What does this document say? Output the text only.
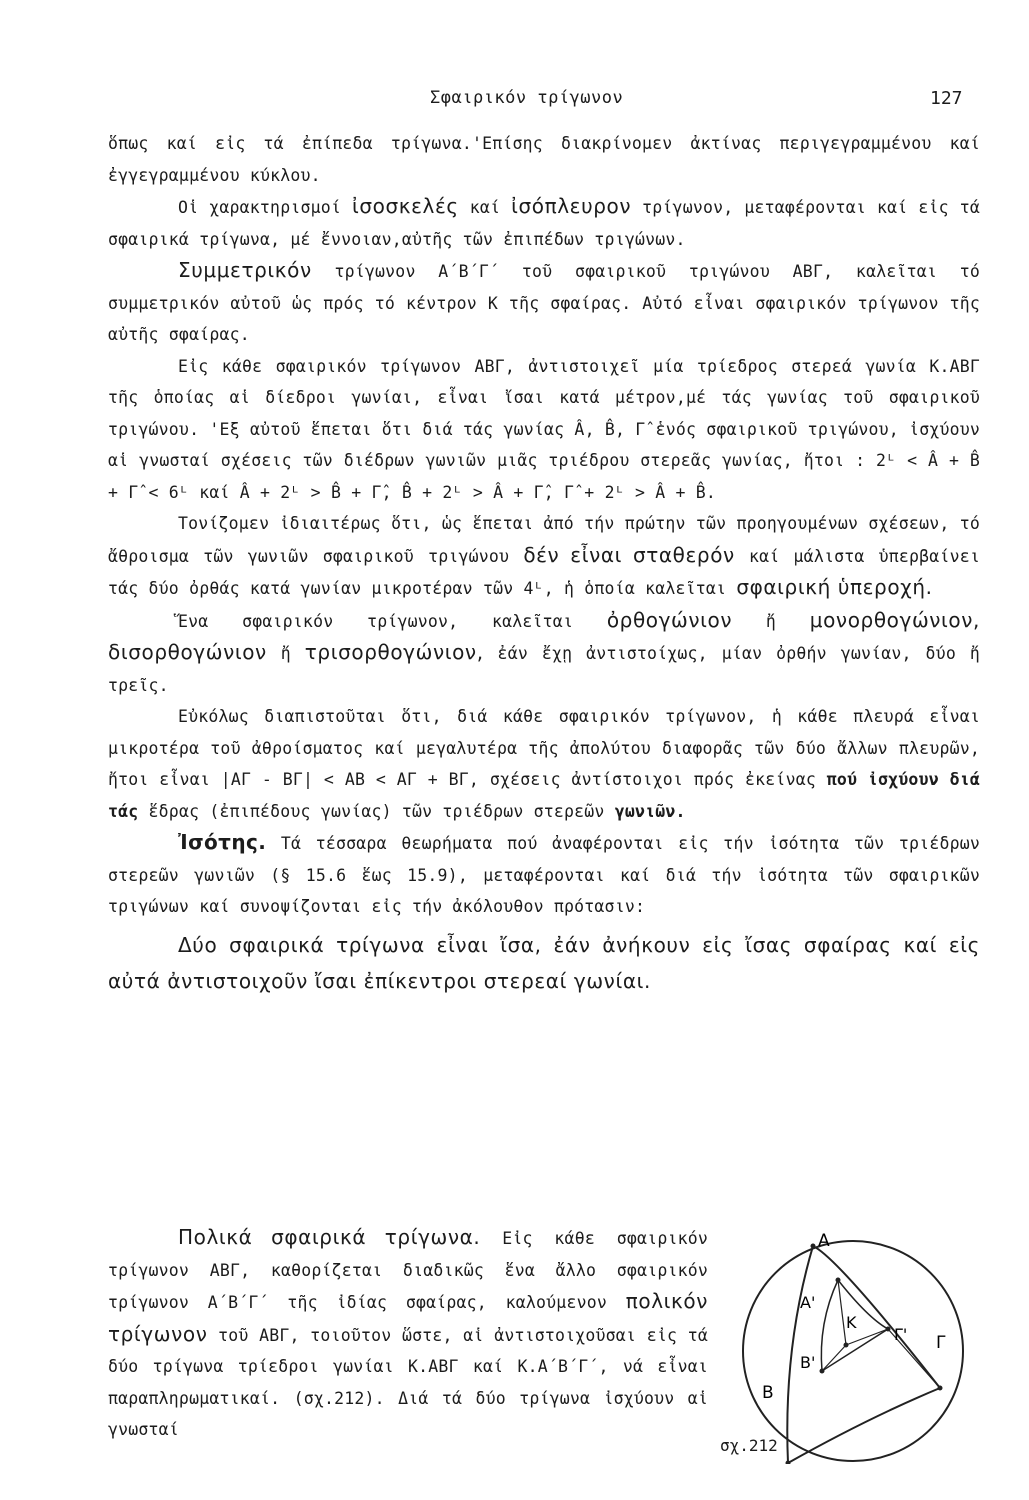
Σφαιρικόν τρίγωνον	127

ὅπως καί εἰς τά ἐπίπεδα τρίγωνα.'Επίσης διακρίνομεν ἀκτίνας περιγεγραμμένου καί ἐγγεγραμμένου κύκλου.

Οἱ χαρακτηρισμοί ἰσοσκελές καί ἰσόπλευρον τρίγωνον, μεταφέρονται καί εἰς τά σφαιρικά τρίγωνα, μέ ἔννοιαν,αὐτῆς τῶν ἐπιπέδων τριγώνων.

Συμμετρικόν τρίγωνον Α΄Β΄Γ΄ τοῦ σφαιρικοῦ τριγώνου ΑΒΓ, καλεῖται τό συμμετρικόν αὐτοῦ ὡς πρός τό κέντρον Κ τῆς σφαίρας. Αὐτό εἶναι σφαιρικόν τρίγωνον τῆς αὐτῆς σφαίρας.

Εἰς κάθε σφαιρικόν τρίγωνον ΑΒΓ, ἀντιστοιχεῖ μία τρίεδρος στερεά γωνία Κ.ΑΒΓ τῆς ὁποίας αἱ δίεδροι γωνίαι, εἶναι ἴσαι κατά μέτρον,μέ τάς γωνίας τοῦ σφαιρικοῦ τριγώνου. 'Εξ αὐτοῦ ἕπεται ὅτι διά τάς γωνίας Â, B̂, Γ̂ ἑνός σφαιρικοῦ τριγώνου, ἰσχύουν αἱ γνωσταί σχέσεις τῶν διέδρων γωνιῶν μιᾶς τριέδρου στερεᾶς γωνίας, ἤτοι : 2ᴸ < Â + B̂ + Γ̂ < 6ᴸ καί Â + 2ᴸ > B̂ + Γ̂, B̂ + 2ᴸ > Â + Γ̂, Γ̂ + 2ᴸ > Â + B̂.

Τονίζομεν ἰδιαιτέρως ὅτι, ὡς ἕπεται ἀπό τήν πρώτην τῶν προηγουμένων σχέσεων, τό ἄθροισμα τῶν γωνιῶν σφαιρικοῦ τριγώνου δέν εἶναι σταθερόν καί μάλιστα ὑπερβαίνει τάς δύο ὀρθάς κατά γωνίαν μικροτέραν τῶν 4ᴸ, ἡ ὁποία καλεῖται σφαιρική ὑπεροχή.

Ἕνα σφαιρικόν τρίγωνον, καλεῖται ὀρθογώνιον ἤ μονορθογώνιον, δισορθογώνιον ἤ τρισορθογώνιον, ἐάν ἔχῃ ἀντιστοίχως, μίαν ὀρθήν γωνίαν, δύο ἤ τρεῖς.

Εὐκόλως διαπιστοῦται ὅτι, διά κάθε σφαιρικόν τρίγωνον, ἡ κάθε πλευρά εἶναι μικροτέρα τοῦ ἀθροίσματος καί μεγαλυτέρα τῆς ἀπολύτου διαφορᾶς τῶν δύο ἄλλων πλευρῶν, ἤτοι εἶναι |ΑΓ - ΒΓ| < ΑΒ < ΑΓ + ΒΓ, σχέσεις ἀντίστοιχοι πρός ἐκείνας πού ἰσχύουν διά τάς ἕδρας (ἐπιπέδους γωνίας) τῶν τριέδρων στερεῶν γωνιῶν.

Ἰσότης. Τά τέσσαρα θεωρήματα πού ἀναφέρονται εἰς τήν ἰσότητα τῶν τριέδρων στερεῶν γωνιῶν (§ 15.6 ἕως 15.9), μεταφέρονται καί διά τήν ἰσότητα τῶν σφαιρικῶν τριγώνων καί συνοψίζονται εἰς τήν ἀκόλουθον πρότασιν:

Δύο σφαιρικά τρίγωνα εἶναι ἴσα, ἐάν ἀνήκουν εἰς ἴσας σφαίρας καί εἰς αὐτά ἀντιστοιχοῦν ἴσαι ἐπίκεντροι στερεαί γωνίαι.

Πολικά σφαιρικά τρίγωνα. Εἰς κάθε σφαιρικόν τρίγωνον ΑΒΓ, καθορίζεται διαδικῶς ἕνα ἄλλο σφαιρικόν τρίγωνον Α΄Β΄Γ΄ τῆς ἰδίας σφαίρας, καλούμενον πολικόν τρίγωνον τοῦ ΑΒΓ, τοιοῦτον ὥστε, αἱ ἀντιστοιχοῦσαι εἰς τά δύο τρίγωνα τρίεδροι γωνίαι Κ.ΑΒΓ καί Κ.Α΄Β΄Γ΄, νά εἶναι παραπληρωματικαί. (σχ.212). Διά τά δύο τρίγωνα ἰσχύουν αἱ γνωσταί

A
A'
K
Γ' Γ
B'
B
σχ.212
